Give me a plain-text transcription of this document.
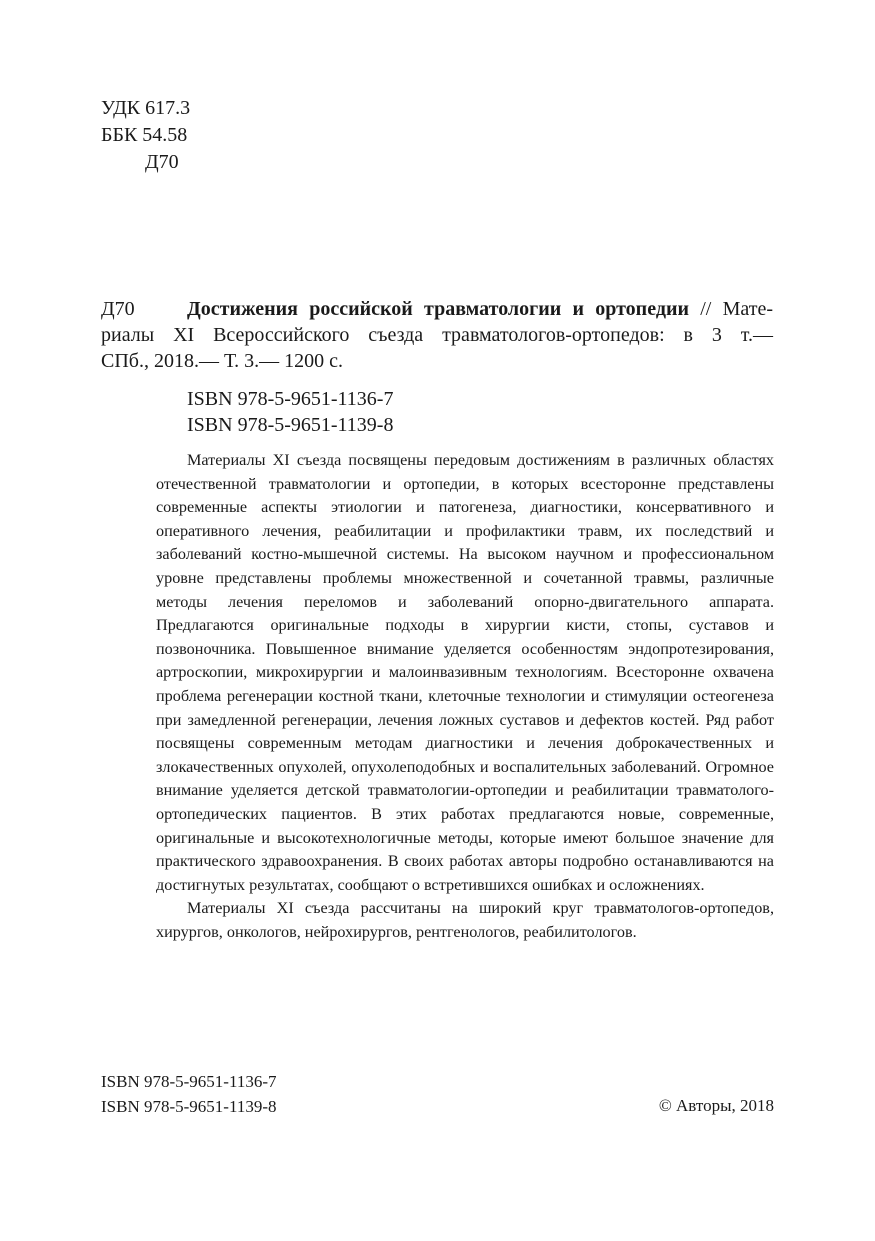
УДК 617.3
ББК 54.58
Д70
Д70	Достижения российской травматологии и ортопедии // Мате-
риалы XI Всероссийского съезда травматологов-ортопедов: в 3 т.—
СПб., 2018.— Т. 3.— 1200 с.
ISBN 978-5-9651-1136-7
ISBN 978-5-9651-1139-8

Материалы XI съезда посвящены передовым достижениям в различных областях отечественной травматологии и ортопедии, в которых всесторонне представлены современные аспекты этиологии и патогенеза, диагностики, консервативного и оперативного лечения, реабилитации и профилактики травм, их последствий и заболеваний костно-мышечной системы. На высоком научном и профессиональном уровне представлены проблемы множественной и сочетанной травмы, различные методы лечения переломов и заболеваний опорно-двигательного аппарата. Предлагаются оригинальные подходы в хирургии кисти, стопы, суставов и позвоночника. Повышенное внимание уделяется особенностям эндопротезирования, артроскопии, микрохирургии и малоинвазивным технологиям. Всесторонне охвачена проблема регенерации костной ткани, клеточные технологии и стимуляции остеогенеза при замедленной регенерации, лечения ложных суставов и дефектов костей. Ряд работ посвящены современным методам диагностики и лечения доброкачественных и злокачественных опухолей, опухолеподобных и воспалительных заболеваний. Огромное внимание уделяется детской травматологии-ортопедии и реабилитации травматолого-ортопедических пациентов. В этих работах предлагаются новые, современные, оригинальные и высокотехнологичные методы, которые имеют большое значение для практического здравоохранения. В своих работах авторы подробно останавливаются на достигнутых результатах, сообщают о встретившихся ошибках и осложнениях.

Материалы XI съезда рассчитаны на широкий круг травматологов-ортопедов, хирургов, онкологов, нейрохирургов, рентгенологов, реабилитологов.

ISBN 978-5-9651-1136-7
ISBN 978-5-9651-1139-8	© Авторы, 2018
